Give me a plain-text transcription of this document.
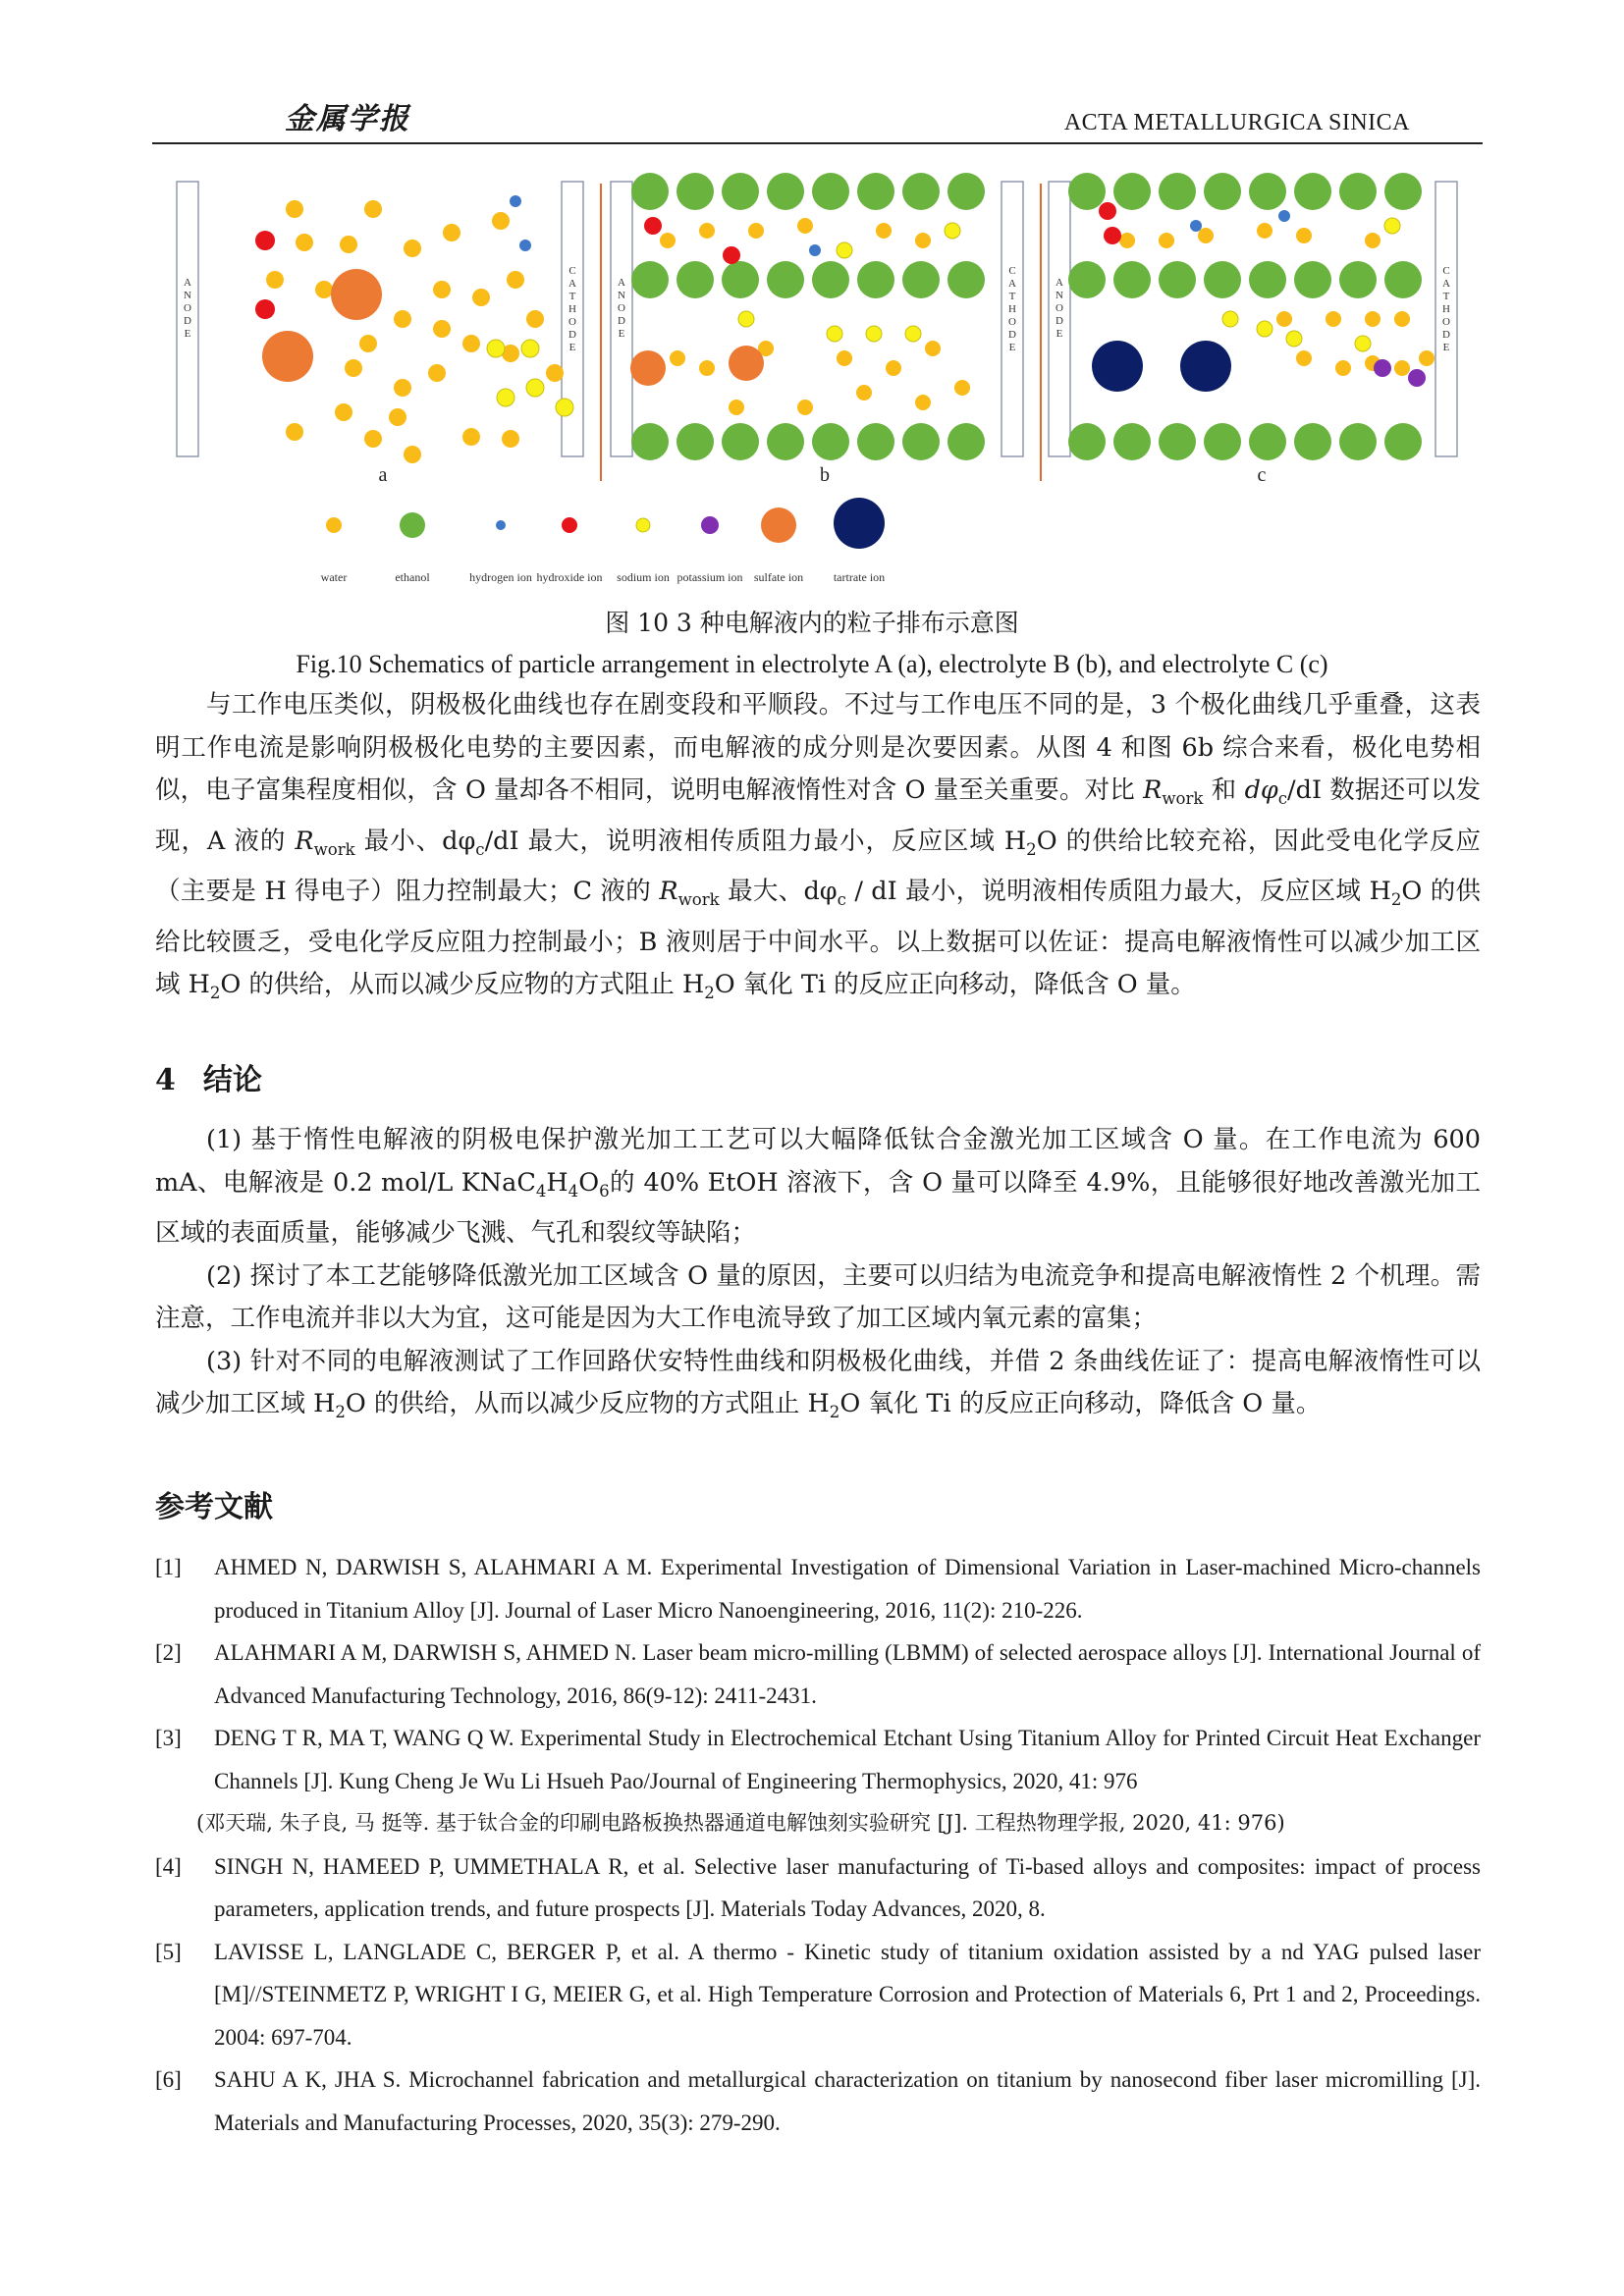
金属学报	ACTA METALLURGICA SINICA
A
N
O
D
E
C
A
T
H
O
D
E
a
A
N
O
D
E
C
A
T
H
O
D
E
b
A
N
O
D
E
C
A
T
H
O
D
E
c
water	ethanol	hydrogen ion hydroxide ion sodium ion potassium ion sulfate ion	tartrate ion
图 10 3 种电解液内的粒子排布示意图
Fig.10 Schematics of particle arrangement in electrolyte A (a), electrolyte B (b), and electrolyte C (c)

与工作电压类似，阴极极化曲线也存在剧变段和平顺段。不过与工作电压不同的是，3 个极化曲线几乎重叠，这表明工作电流是影响阴极极化电势的主要因素，而电解液的成分则是次要因素。从图 4 和图 6b 综合来看，极化电势相似，电子富集程度相似，含 O 量却各不相同，说明电解液惰性对含 O 量至关重要。对比 $R_{work}$ 和 $d\varphi_c/dI$ 数据还可以发现，A 液的 $R_{work}$ 最小、$d\varphi_c/dI$ 最大，说明液相传质阻力最小，反应区域 $H_2O$ 的供给比较充裕，因此受电化学反应（主要是 H 得电子）阻力控制最大；C 液的 $R_{work}$ 最大、$d\varphi_c$ / dI 最小，说明液相传质阻力最大，反应区域 $H_2O$ 的供给比较匮乏，受电化学反应阻力控制最小；B 液则居于中间水平。以上数据可以佐证：提高电解液惰性可以减少加工区域 $H_2O$ 的供给，从而以减少反应物的方式阻止 $H_2O$ 氧化 Ti 的反应正向移动，降低含 O 量。

4 结论

(1) 基于惰性电解液的阴极电保护激光加工工艺可以大幅降低钛合金激光加工区域含 O 量。在工作电流为 600 mA、电解液是 0.2 mol/L $KNaC_4H_4O_6$的 40% EtOH 溶液下，含 O 量可以降至 4.9%，且能够很好地改善激光加工区域的表面质量，能够减少飞溅、气孔和裂纹等缺陷；

(2) 探讨了本工艺能够降低激光加工区域含 O 量的原因，主要可以归结为电流竞争和提高电解液惰性 2 个机理。需注意，工作电流并非以大为宜，这可能是因为大工作电流导致了加工区域内氧元素的富集；

(3) 针对不同的电解液测试了工作回路伏安特性曲线和阴极极化曲线，并借 2 条曲线佐证了：提高电解液惰性可以减少加工区域 $H_2O$ 的供给，从而以减少反应物的方式阻止 $H_2O$ 氧化 Ti 的反应正向移动，降低含 O 量。

参考文献
[1]	AHMED N, DARWISH S, ALAHMARI A M. Experimental Investigation of Dimensional Variation in Laser-machined Micro-channels produced in Titanium Alloy [J]. Journal of Laser Micro Nanoengineering, 2016, 11(2): 210-226.
[2]	ALAHMARI A M, DARWISH S, AHMED N. Laser beam micro-milling (LBMM) of selected aerospace alloys [J]. International Journal of Advanced Manufacturing Technology, 2016, 86(9-12): 2411-2431.
[3]	DENG T R, MA T, WANG Q W. Experimental Study in Electrochemical Etchant Using Titanium Alloy for Printed Circuit Heat Exchanger Channels [J]. Kung Cheng Je Wu Li Hsueh Pao/Journal of Engineering Thermophysics, 2020, 41: 976
(邓天瑞, 朱子良, 马 挺等. 基于钛合金的印刷电路板换热器通道电解蚀刻实验研究 [J]. 工程热物理学报, 2020, 41: 976)
[4]	SINGH N, HAMEED P, UMMETHALA R, et al. Selective laser manufacturing of Ti-based alloys and composites: impact of process parameters, application trends, and future prospects [J]. Materials Today Advances, 2020, 8.
[5]	LAVISSE L, LANGLADE C, BERGER P, et al. A thermo - Kinetic study of titanium oxidation assisted by a nd YAG pulsed laser [M]//STEINMETZ P, WRIGHT I G, MEIER G, et al. High Temperature Corrosion and Protection of Materials 6, Prt 1 and 2, Proceedings. 2004: 697-704.
[6]	SAHU A K, JHA S. Microchannel fabrication and metallurgical characterization on titanium by nanosecond fiber laser micromilling [J]. Materials and Manufacturing Processes, 2020, 35(3): 279-290.
